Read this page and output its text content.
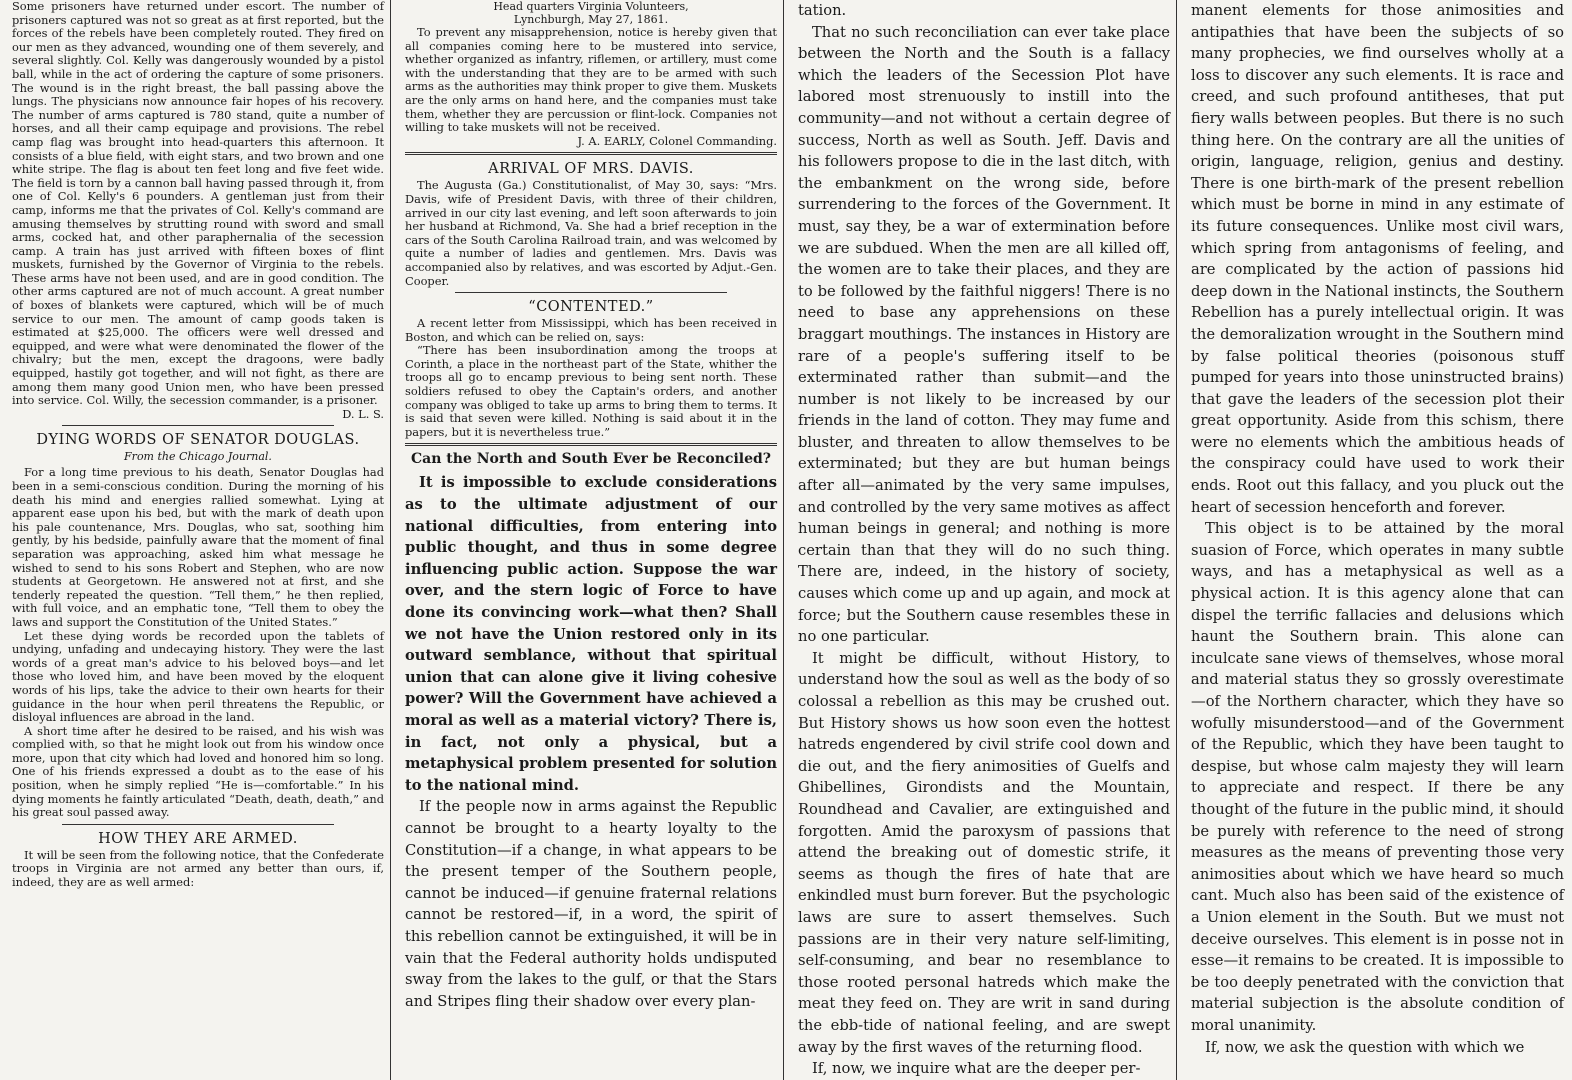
Some prisoners have returned under escort. The number of prisoners captured was not so great as at first reported, but the forces of the rebels have been completely routed. They fired on our men as they advanced, wounding one of them severely, and several slightly. Col. Kelly was dangerously wounded by a pistol ball, while in the act of ordering the capture of some prisoners. The wound is in the right breast, the ball passing above the lungs. The physicians now announce fair hopes of his recovery. The number of arms captured is 780 stand, quite a number of horses, and all their camp equipage and provisions. The rebel camp flag was brought into head-quarters this afternoon. It consists of a blue field, with eight stars, and two brown and one white stripe. The flag is about ten feet long and five feet wide. The field is torn by a cannon ball having passed through it, from one of Col. Kelly's 6 pounders. A gentleman just from their camp, informs me that the privates of Col. Kelly's command are amusing themselves by strutting round with sword and small arms, cocked hat, and other paraphernalia of the secession camp. A train has just arrived with fifteen boxes of flint muskets, furnished by the Governor of Virginia to the rebels. These arms have not been used, and are in good condition. The other arms captured are not of much account. A great number of boxes of blankets were captured, which will be of much service to our men. The amount of camp goods taken is estimated at $25,000. The officers were well dressed and equipped, and were what were denominated the flower of the chivalry; but the men, except the dragoons, were badly equipped, hastily got together, and will not fight, as there are among them many good Union men, who have been pressed into service. Col. Willy, the secession commander, is a prisoner.

D. L. S.
DYING WORDS OF SENATOR DOUGLAS.
From the Chicago Journal.

For a long time previous to his death, Senator Douglas had been in a semi-conscious condition. During the morning of his death his mind and energies rallied somewhat. Lying at apparent ease upon his bed, but with the mark of death upon his pale countenance, Mrs. Douglas, who sat, soothing him gently, by his bedside, painfully aware that the moment of final separation was approaching, asked him what message he wished to send to his sons Robert and Stephen, who are now students at Georgetown. He answered not at first, and she tenderly repeated the question. “Tell them,” he then replied, with full voice, and an emphatic tone, “Tell them to obey the laws and support the Constitution of the United States.”

Let these dying words be recorded upon the tablets of undying, unfading and undecaying history. They were the last words of a great man's advice to his beloved boys—and let those who loved him, and have been moved by the eloquent words of his lips, take the advice to their own hearts for their guidance in the hour when peril threatens the Republic, or disloyal influences are abroad in the land.

A short time after he desired to be raised, and his wish was complied with, so that he might look out from his window once more, upon that city which had loved and honored him so long. One of his friends expressed a doubt as to the ease of his position, when he simply replied “He is—comfortable.” In his dying moments he faintly articulated “Death, death, death,” and his great soul passed away.

HOW THEY ARE ARMED.

It will be seen from the following notice, that the Confederate troops in Virginia are not armed any better than ours, if, indeed, they are as well armed:

Head quarters Virginia Volunteers,
Lynchburgh, May 27, 1861.

To prevent any misapprehension, notice is hereby given that all companies coming here to be mustered into service, whether organized as infantry, riflemen, or artillery, must come with the understanding that they are to be armed with such arms as the authorities may think proper to give them. Muskets are the only arms on hand here, and the companies must take them, whether they are percussion or flint-lock. Companies not willing to take muskets will not be received.

J. A. EARLY, Colonel Commanding.
ARRIVAL OF MRS. DAVIS.

The Augusta (Ga.) Constitutionalist, of May 30, says: “Mrs. Davis, wife of President Davis, with three of their children, arrived in our city last evening, and left soon afterwards to join her husband at Richmond, Va. She had a brief reception in the cars of the South Carolina Railroad train, and was welcomed by quite a number of ladies and gentlemen. Mrs. Davis was accompanied also by relatives, and was escorted by Adjut.-Gen. Cooper.

“CONTENTED.”

A recent letter from Mississippi, which has been received in Boston, and which can be relied on, says:

“There has been insubordination among the troops at Corinth, a place in the northeast part of the State, whither the troops all go to encamp previous to being sent north. These soldiers refused to obey the Captain's orders, and another company was obliged to take up arms to bring them to terms. It is said that seven were killed. Nothing is said about it in the papers, but it is nevertheless true.”

Can the North and South Ever be Reconciled?

It is impossible to exclude considerations as to the ultimate adjustment of our national difficulties, from entering into public thought, and thus in some degree influencing public action. Suppose the war over, and the stern logic of Force to have done its convincing work—what then? Shall we not have the Union restored only in its outward semblance, without that spiritual union that can alone give it living cohesive power? Will the Government have achieved a moral as well as a material victory? There is, in fact, not only a physical, but a metaphysical problem presented for solution to the national mind.

If the people now in arms against the Republic cannot be brought to a hearty loyalty to the Constitution—if a change, in what appears to be the present temper of the Southern people, cannot be induced—if genuine fraternal relations cannot be restored—if, in a word, the spirit of this rebellion cannot be extinguished, it will be in vain that the Federal authority holds undisputed sway from the lakes to the gulf, or that the Stars and Stripes fling their shadow over every plan-

tation.

That no such reconciliation can ever take place between the North and the South is a fallacy which the leaders of the Secession Plot have labored most strenuously to instill into the community—and not without a certain degree of success, North as well as South. Jeff. Davis and his followers propose to die in the last ditch, with the embankment on the wrong side, before surrendering to the forces of the Government. It must, say they, be a war of extermination before we are subdued. When the men are all killed off, the women are to take their places, and they are to be followed by the faithful niggers! There is no need to base any apprehensions on these braggart mouthings. The instances in History are rare of a people's suffering itself to be exterminated rather than submit—and the number is not likely to be increased by our friends in the land of cotton. They may fume and bluster, and threaten to allow themselves to be exterminated; but they are but human beings after all—animated by the very same impulses, and controlled by the very same motives as affect human beings in general; and nothing is more certain than that they will do no such thing. There are, indeed, in the history of society, causes which come up and up again, and mock at force; but the Southern cause resembles these in no one particular.

It might be difficult, without History, to understand how the soul as well as the body of so colossal a rebellion as this may be crushed out. But History shows us how soon even the hottest hatreds engendered by civil strife cool down and die out, and the fiery animosities of Guelfs and Ghibellines, Girondists and the Mountain, Roundhead and Cavalier, are extinguished and forgotten. Amid the paroxysm of passions that attend the breaking out of domestic strife, it seems as though the fires of hate that are enkindled must burn forever. But the psychologic laws are sure to assert themselves. Such passions are in their very nature self-limiting, self-consuming, and bear no resemblance to those rooted personal hatreds which make the meat they feed on. They are writ in sand during the ebb-tide of national feeling, and are swept away by the first waves of the returning flood.

If, now, we inquire what are the deeper per-

manent elements for those animosities and antipathies that have been the subjects of so many prophecies, we find ourselves wholly at a loss to discover any such elements. It is race and creed, and such profound antitheses, that put fiery walls between peoples. But there is no such thing here. On the contrary are all the unities of origin, language, religion, genius and destiny. There is one birth-mark of the present rebellion which must be borne in mind in any estimate of its future consequences. Unlike most civil wars, which spring from antagonisms of feeling, and are complicated by the action of passions hid deep down in the National instincts, the Southern Rebellion has a purely intellectual origin. It was the demoralization wrought in the Southern mind by false political theories (poisonous stuff pumped for years into those uninstructed brains) that gave the leaders of the secession plot their great opportunity. Aside from this schism, there were no elements which the ambitious heads of the conspiracy could have used to work their ends. Root out this fallacy, and you pluck out the heart of secession henceforth and forever.

This object is to be attained by the moral suasion of Force, which operates in many subtle ways, and has a metaphysical as well as a physical action. It is this agency alone that can dispel the terrific fallacies and delusions which haunt the Southern brain. This alone can inculcate sane views of themselves, whose moral and material status they so grossly overestimate—of the Northern character, which they have so wofully misunderstood—and of the Government of the Republic, which they have been taught to despise, but whose calm majesty they will learn to appreciate and respect. If there be any thought of the future in the public mind, it should be purely with reference to the need of strong measures as the means of preventing those very animosities about which we have heard so much cant. Much also has been said of the existence of a Union element in the South. But we must not deceive ourselves. This element is in posse not in esse—it remains to be created. It is impossible to be too deeply penetrated with the conviction that material subjection is the absolute condition of moral unanimity.

If, now, we ask the question with which we
